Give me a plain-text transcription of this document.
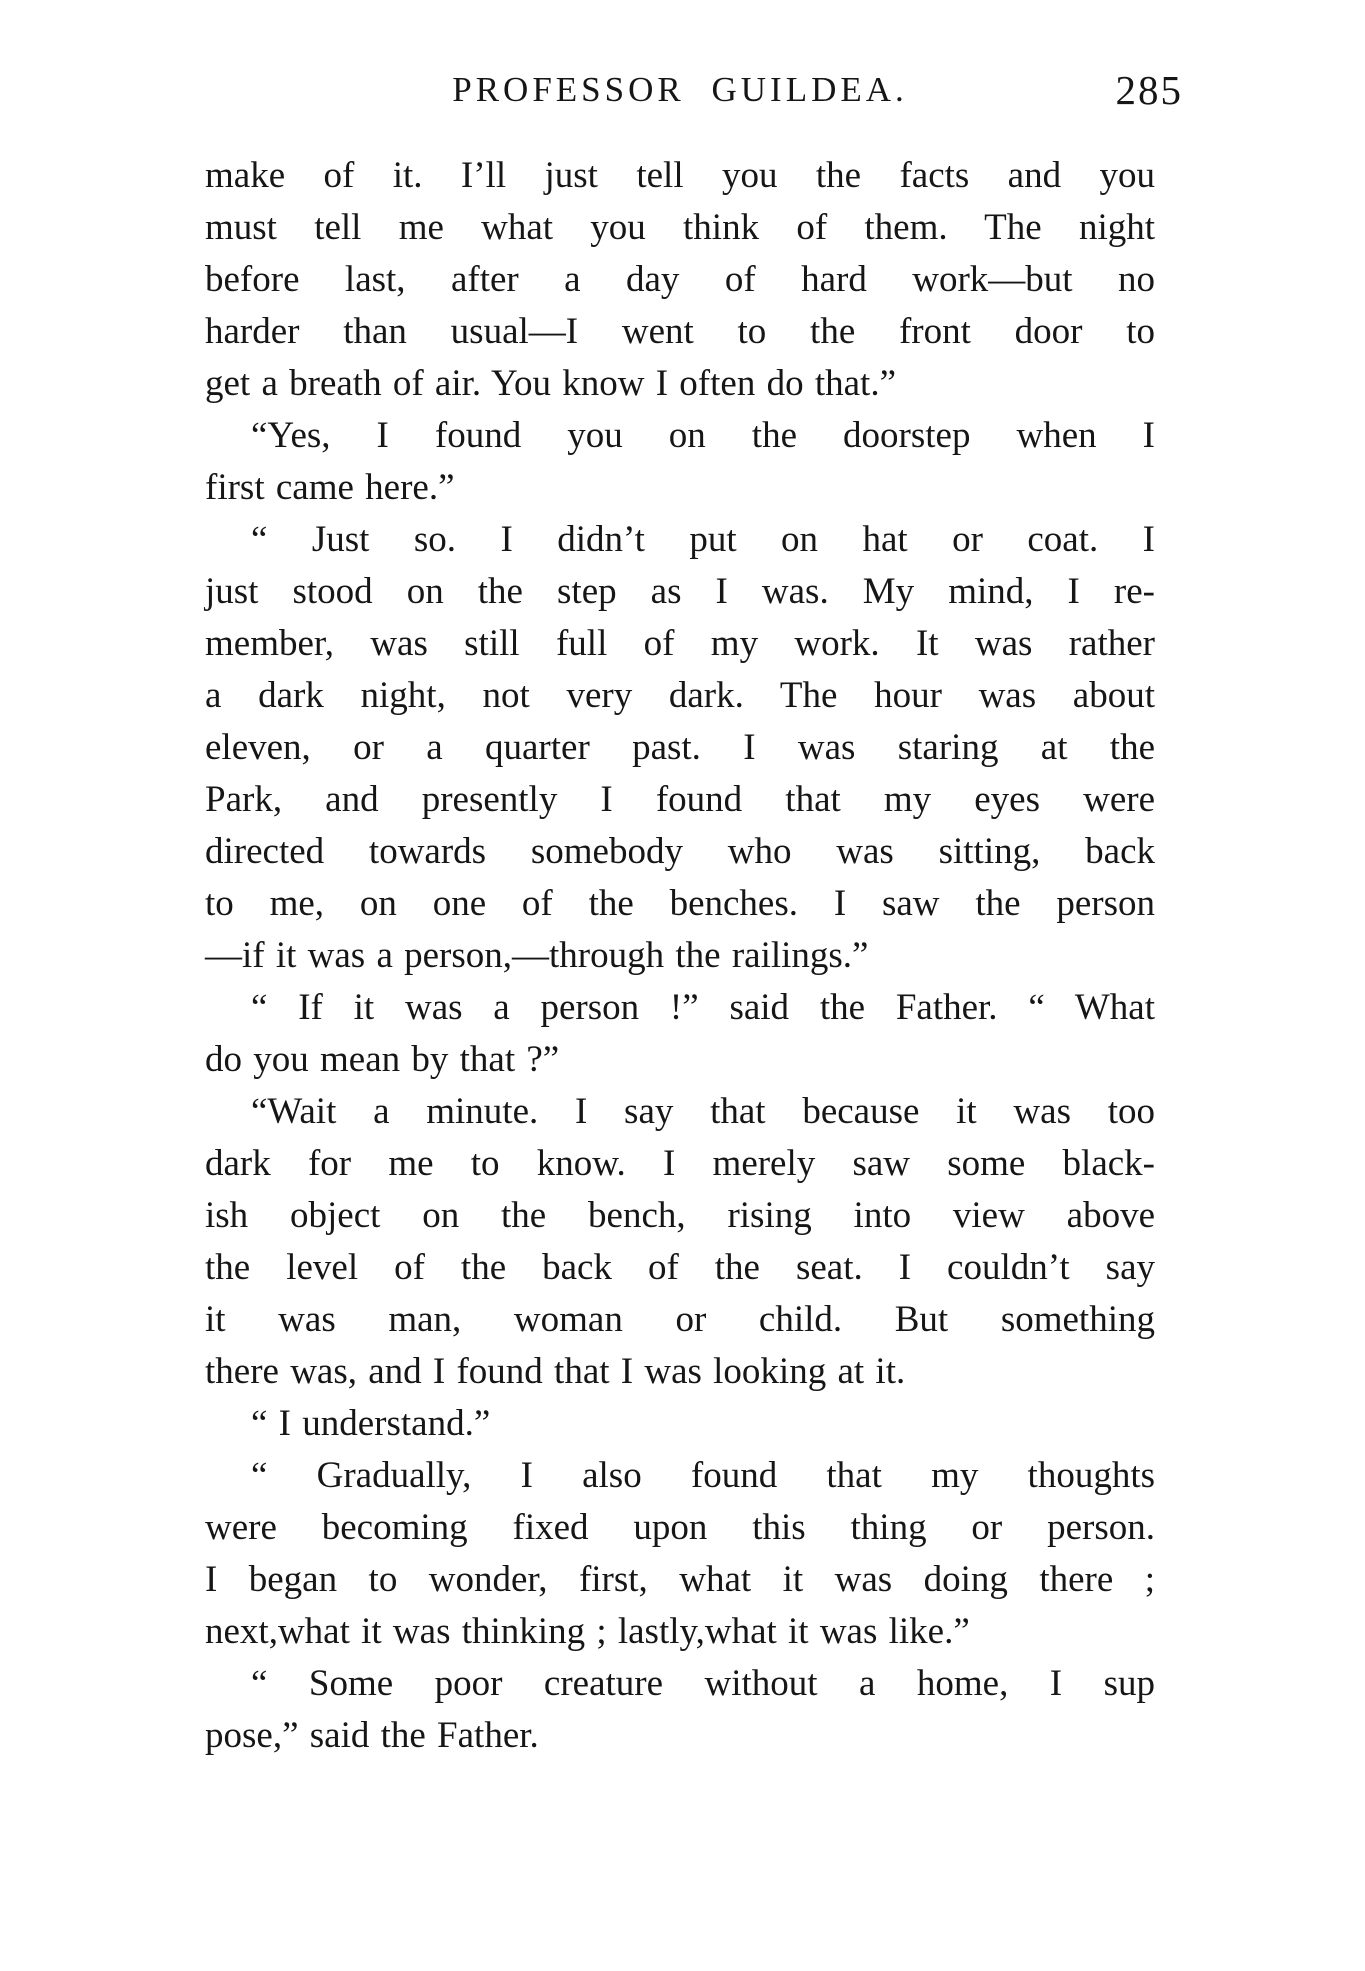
PROFESSOR GUILDEA.	285
make of it. I’ll just tell you the facts and you
must tell me what you think of them. The night
before last, after a day of hard work—but no
harder than usual—I went to the front door to
get a breath of air. You know I often do that.”
“Yes, I found you on the doorstep when I
first came here.”
“ Just so. I didn’t put on hat or coat. I
just stood on the step as I was. My mind, I re-
member, was still full of my work. It was rather
a dark night, not very dark. The hour was about
eleven, or a quarter past. I was staring at the
Park, and presently I found that my eyes were
directed towards somebody who was sitting, back
to me, on one of the benches. I saw the person
—if it was a person,—through the railings.”
“ If it was a person !” said the Father. “ What
do you mean by that ?”
“Wait a minute. I say that because it was too
dark for me to know. I merely saw some black-
ish object on the bench, rising into view above
the level of the back of the seat. I couldn’t say
it was man, woman or child. But something
there was, and I found that I was looking at it.
“ I understand.”
“ Gradually, I also found that my thoughts
were becoming fixed upon this thing or person.
I began to wonder, first, what it was doing there ;
next,what it was thinking ; lastly,what it was like.”
“ Some poor creature without a home, I sup
pose,” said the Father.
